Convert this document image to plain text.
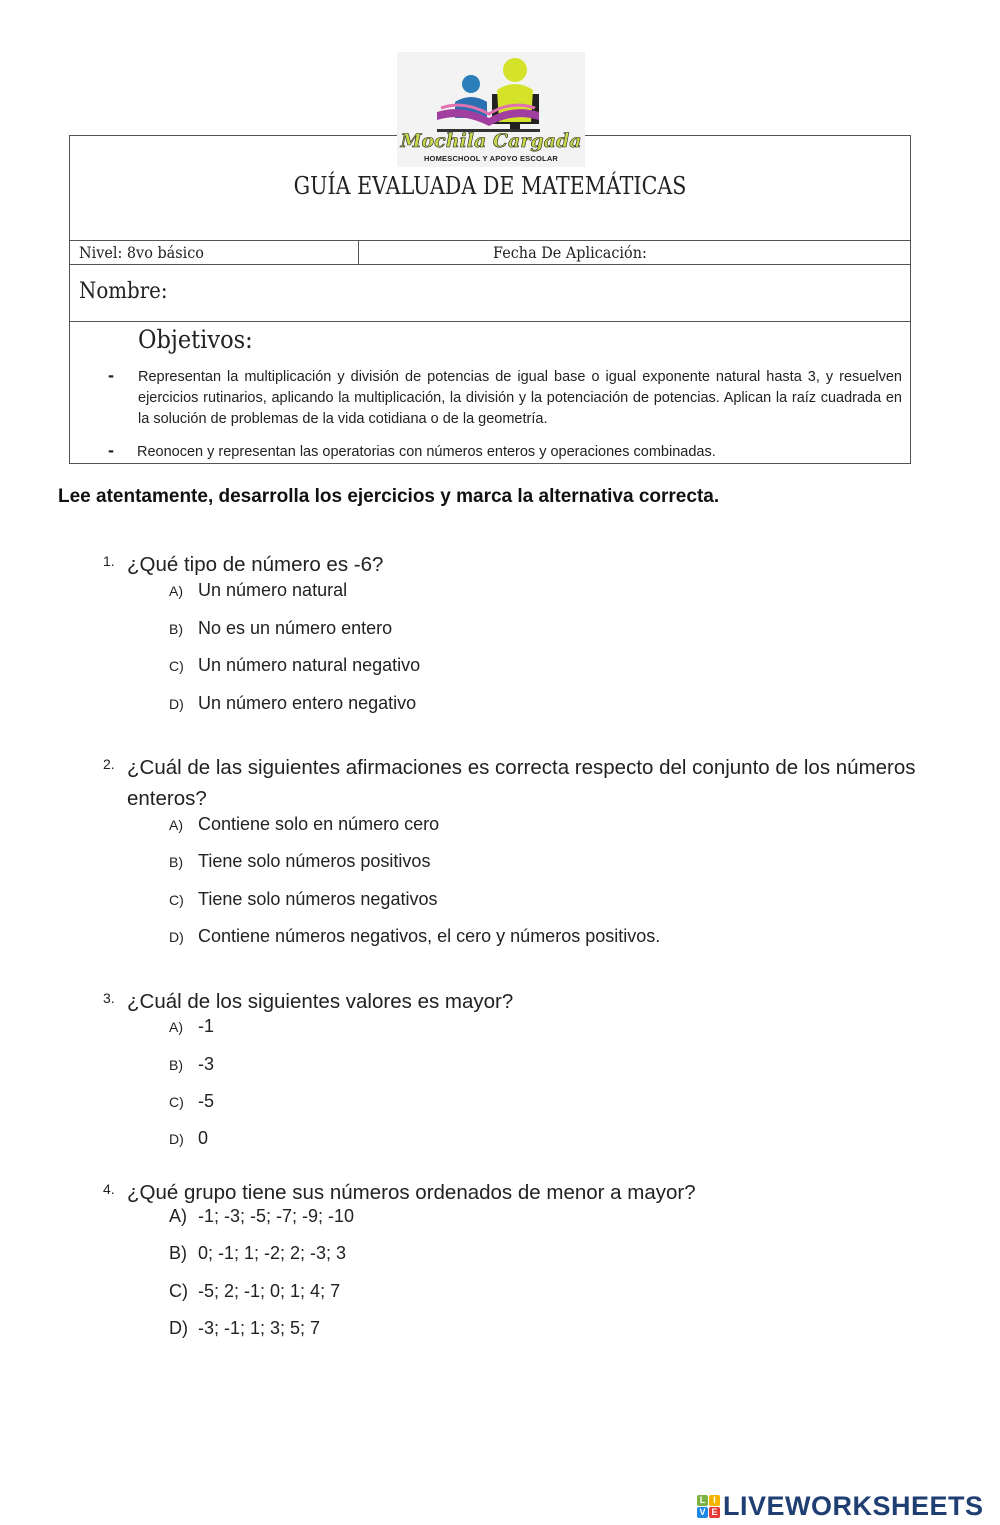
Mochila Cargada
HOMESCHOOL Y APOYO ESCOLAR
GUÍA EVALUADA DE MATEMÁTICAS
Nivel: 8vo básico	Fecha De Aplicación:
Nombre:
Objetivos:
- Representan la multiplicación y división de potencias de igual base o igual exponente natural hasta 3, y resuelven ejercicios rutinarios, aplicando la multiplicación, la división y la potenciación de potencias. Aplican la raíz cuadrada en la solución de problemas de la vida cotidiana o de la geometría.
- Reonocen y representan las operatorias con números enteros y operaciones combinadas.
Lee atentamente, desarrolla los ejercicios y marca la alternativa correcta.
1. ¿Qué tipo de número es -6?
A) Un número natural
B) No es un número entero
C) Un número natural negativo
D) Un número entero negativo
2. ¿Cuál de las siguientes afirmaciones es correcta respecto del conjunto de los números enteros?
A) Contiene solo en número cero
B) Tiene solo números positivos
C) Tiene solo números negativos
D) Contiene números negativos, el cero y números positivos.
3. ¿Cuál de los siguientes valores es mayor?
A) -1
B) -3
C) -5
D) 0
4. ¿Qué grupo tiene sus números ordenados de menor a mayor?
A) -1; -3; -5; -7; -9; -10
B) 0; -1; 1; -2; 2; -3; 3
C) -5; 2; -1; 0; 1; 4; 7
D) -3; -1; 1; 3; 5; 7
L I
V E LIVEWORKSHEETS
